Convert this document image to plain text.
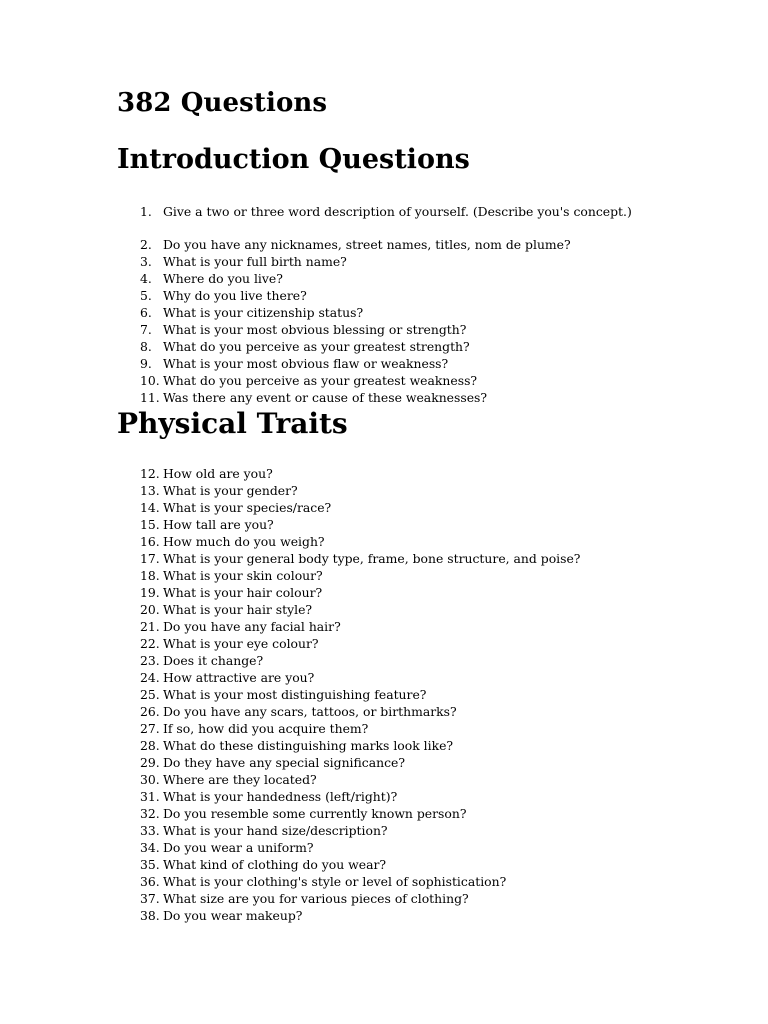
382 Questions
Introduction Questions
1. Give a two or three word description of yourself. (Describe you's concept.)
2. Do you have any nicknames, street names, titles, nom de plume?
3. What is your full birth name?
4. Where do you live?
5. Why do you live there?
6. What is your citizenship status?
7. What is your most obvious blessing or strength?
8. What do you perceive as your greatest strength?
9. What is your most obvious flaw or weakness?
10. What do you perceive as your greatest weakness?
11. Was there any event or cause of these weaknesses?
Physical Traits
12. How old are you?
13. What is your gender?
14. What is your species/race?
15. How tall are you?
16. How much do you weigh?
17. What is your general body type, frame, bone structure, and poise?
18. What is your skin colour?
19. What is your hair colour?
20. What is your hair style?
21. Do you have any facial hair?
22. What is your eye colour?
23. Does it change?
24. How attractive are you?
25. What is your most distinguishing feature?
26. Do you have any scars, tattoos, or birthmarks?
27. If so, how did you acquire them?
28. What do these distinguishing marks look like?
29. Do they have any special significance?
30. Where are they located?
31. What is your handedness (left/right)?
32. Do you resemble some currently known person?
33. What is your hand size/description?
34. Do you wear a uniform?
35. What kind of clothing do you wear?
36. What is your clothing's style or level of sophistication?
37. What size are you for various pieces of clothing?
38. Do you wear makeup?
